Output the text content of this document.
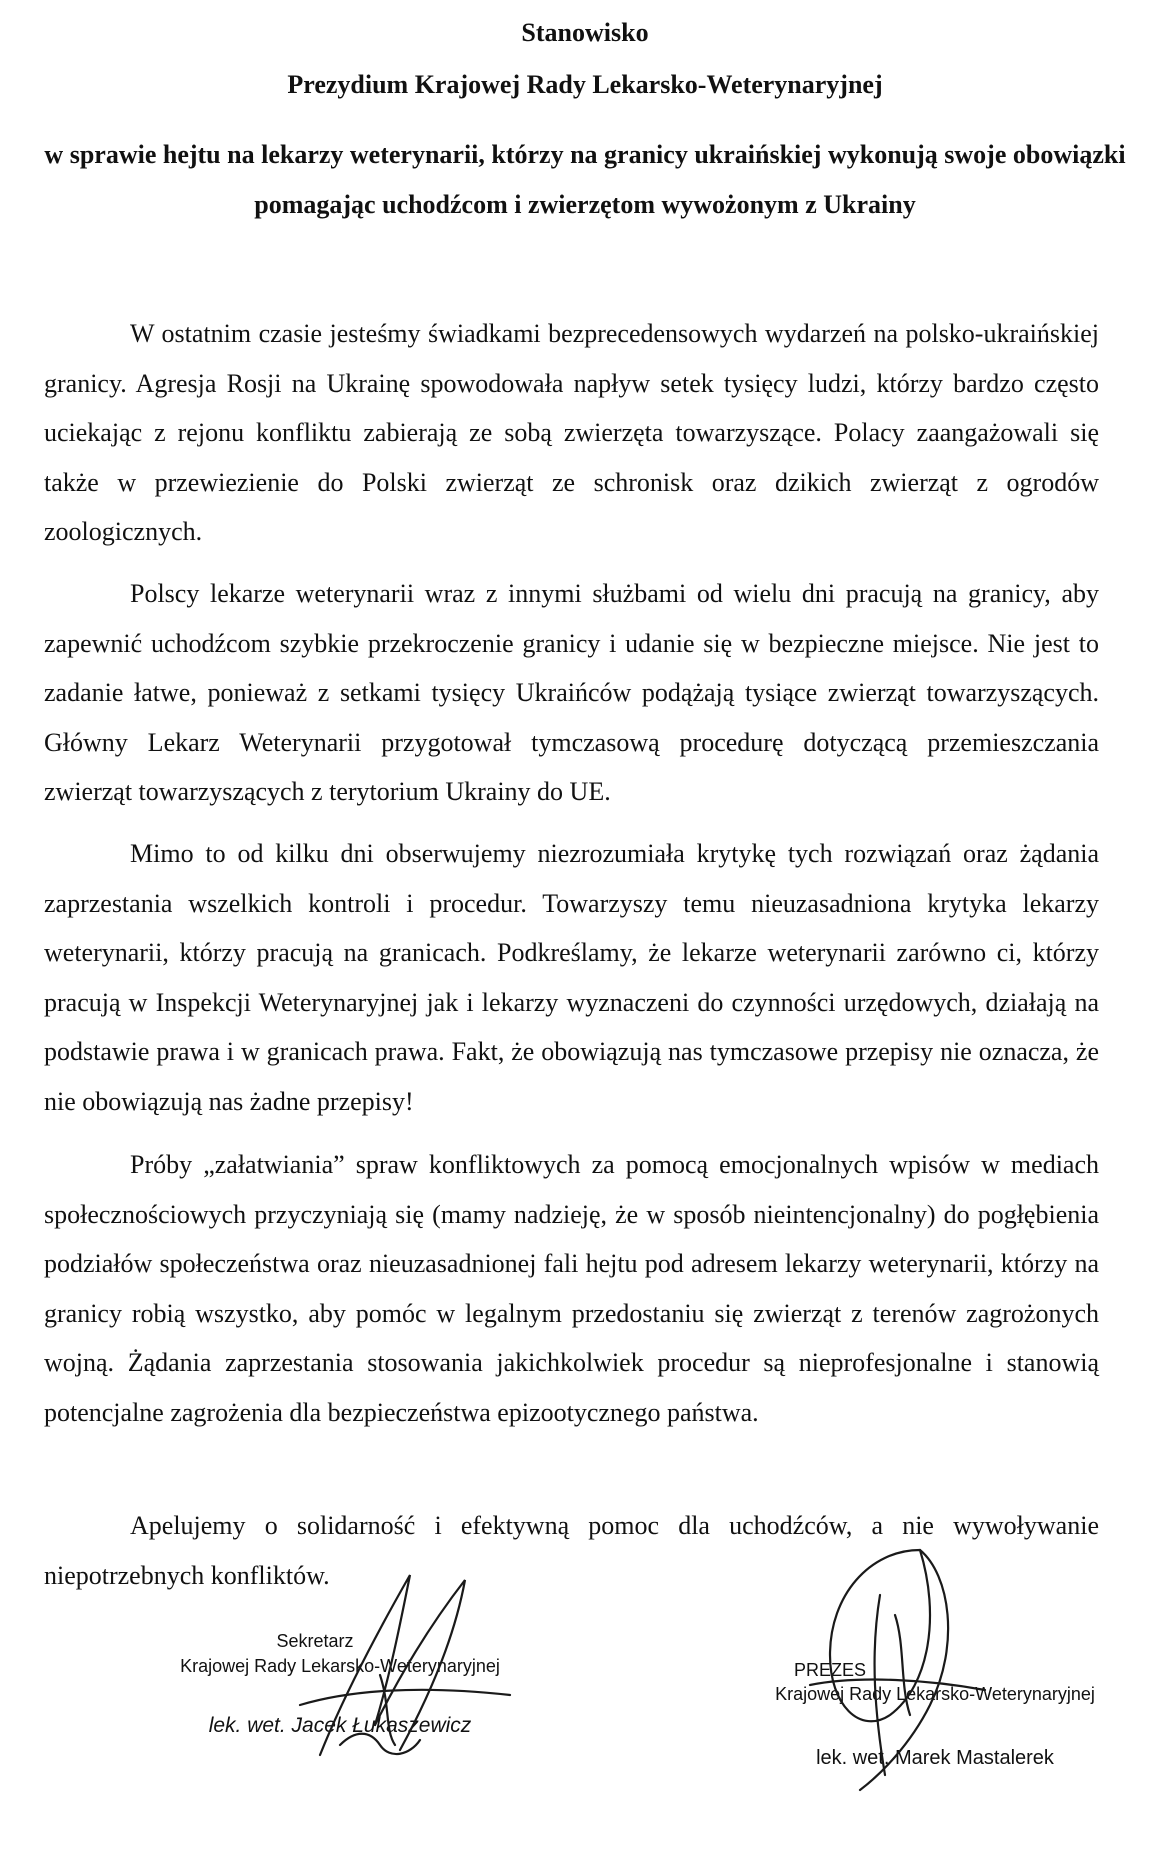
Stanowisko
Prezydium Krajowej Rady Lekarsko-Weterynaryjnej
w sprawie hejtu na lekarzy weterynarii, którzy na granicy ukraińskiej wykonują swoje obowiązki pomagając uchodźcom i zwierzętom wywożonym z Ukrainy

W ostatnim czasie jesteśmy świadkami bezprecedensowych wydarzeń na polsko-ukraińskiej granicy. Agresja Rosji na Ukrainę spowodowała napływ setek tysięcy ludzi, którzy bardzo często uciekając z rejonu konfliktu zabierają ze sobą zwierzęta towarzyszące. Polacy zaangażowali się także w przewiezienie do Polski zwierząt ze schronisk oraz dzikich zwierząt z ogrodów zoologicznych.

Polscy lekarze weterynarii wraz z innymi służbami od wielu dni pracują na granicy, aby zapewnić uchodźcom szybkie przekroczenie granicy i udanie się w bezpieczne miejsce. Nie jest to zadanie łatwe, ponieważ z setkami tysięcy Ukraińców podążają tysiące zwierząt towarzyszących. Główny Lekarz Weterynarii przygotował tymczasową procedurę dotyczącą przemieszczania zwierząt towarzyszących z terytorium Ukrainy do UE.

Mimo to od kilku dni obserwujemy niezrozumiała krytykę tych rozwiązań oraz żądania zaprzestania wszelkich kontroli i procedur. Towarzyszy temu nieuzasadniona krytyka lekarzy weterynarii, którzy pracują na granicach. Podkreślamy, że lekarze weterynarii zarówno ci, którzy pracują w Inspekcji Weterynaryjnej jak i lekarzy wyznaczeni do czynności urzędowych, działają na podstawie prawa i w granicach prawa. Fakt, że obowiązują nas tymczasowe przepisy nie oznacza, że nie obowiązują nas żadne przepisy!

Próby „załatwiania” spraw konfliktowych za pomocą emocjonalnych wpisów w mediach społecznościowych przyczyniają się (mamy nadzieję, że w sposób nieintencjonalny) do pogłębienia podziałów społeczeństwa oraz nieuzasadnionej fali hejtu pod adresem lekarzy weterynarii, którzy na granicy robią wszystko, aby pomóc w legalnym przedostaniu się zwierząt z terenów zagrożonych wojną. Żądania zaprzestania stosowania jakichkolwiek procedur są nieprofesjonalne i stanowią potencjalne zagrożenia dla bezpieczeństwa epizootycznego państwa.

Apelujemy o solidarność i efektywną pomoc dla uchodźców, a nie wywoływanie niepotrzebnych konfliktów.

Sekretarz
Krajowej Rady Lekarsko-Weterynaryjnej
lek. wet. Jacek Łukaszewicz
PREZES
Krajowej Rady Lekarsko-Weterynaryjnej
lek. wet. Marek Mastalerek
